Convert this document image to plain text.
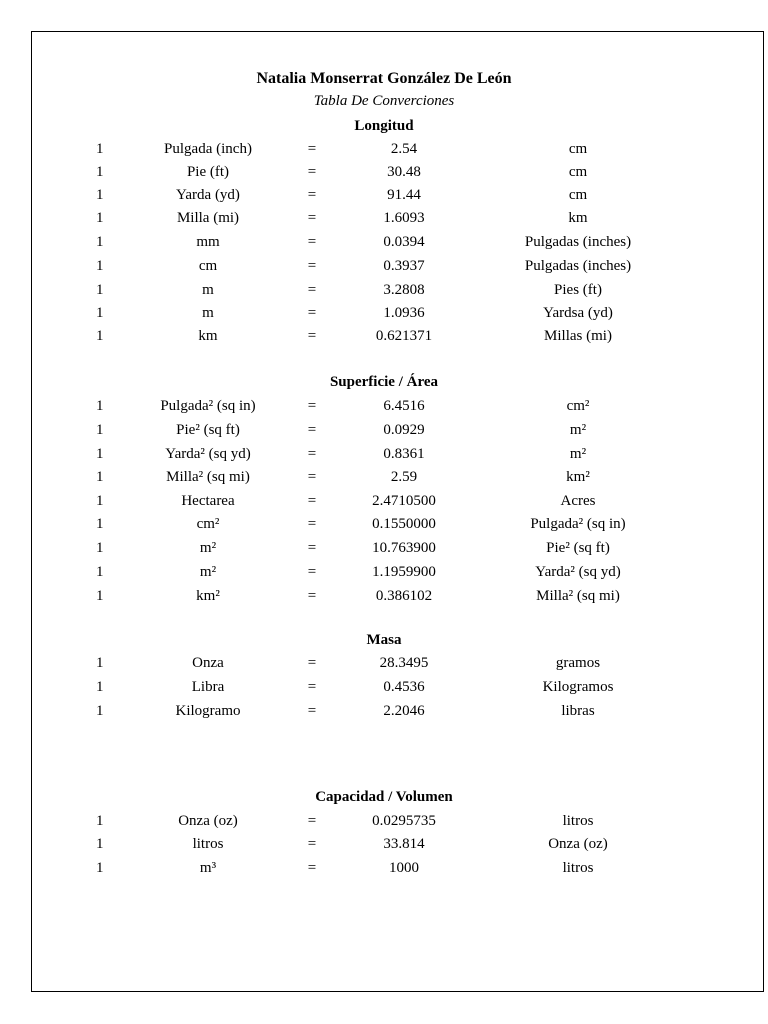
Natalia Monserrat González De León
Tabla De Converciones
Longitud
1	Pulgada (inch)	=	2.54	cm
1	Pie (ft)	=	30.48	cm
1	Yarda (yd)	=	91.44	cm
1	Milla (mi)	=	1.6093	km
1	mm	=	0.0394	Pulgadas (inches)
1	cm	=	0.3937	Pulgadas (inches)
1	m	=	3.2808	Pies (ft)
1	m	=	1.0936	Yardsa (yd)
1	km	=	0.621371	Millas (mi)
Superficie / Área
1	Pulgada² (sq in)	=	6.4516	cm²
1	Pie² (sq ft)	=	0.0929	m²
1	Yarda² (sq yd)	=	0.8361	m²
1	Milla² (sq mi)	=	2.59	km²
1	Hectarea	=	2.4710500	Acres
1	cm²	=	0.1550000	Pulgada² (sq in)
1	m²	=	10.763900	Pie² (sq ft)
1	m²	=	1.1959900	Yarda² (sq yd)
1	km²	=	0.386102	Milla² (sq mi)
Masa
1	Onza	=	28.3495	gramos
1	Libra	=	0.4536	Kilogramos
1	Kilogramo	=	2.2046	libras
Capacidad / Volumen
1	Onza (oz)	=	0.0295735	litros
1	litros	=	33.814	Onza (oz)
1	m³	=	1000	litros
